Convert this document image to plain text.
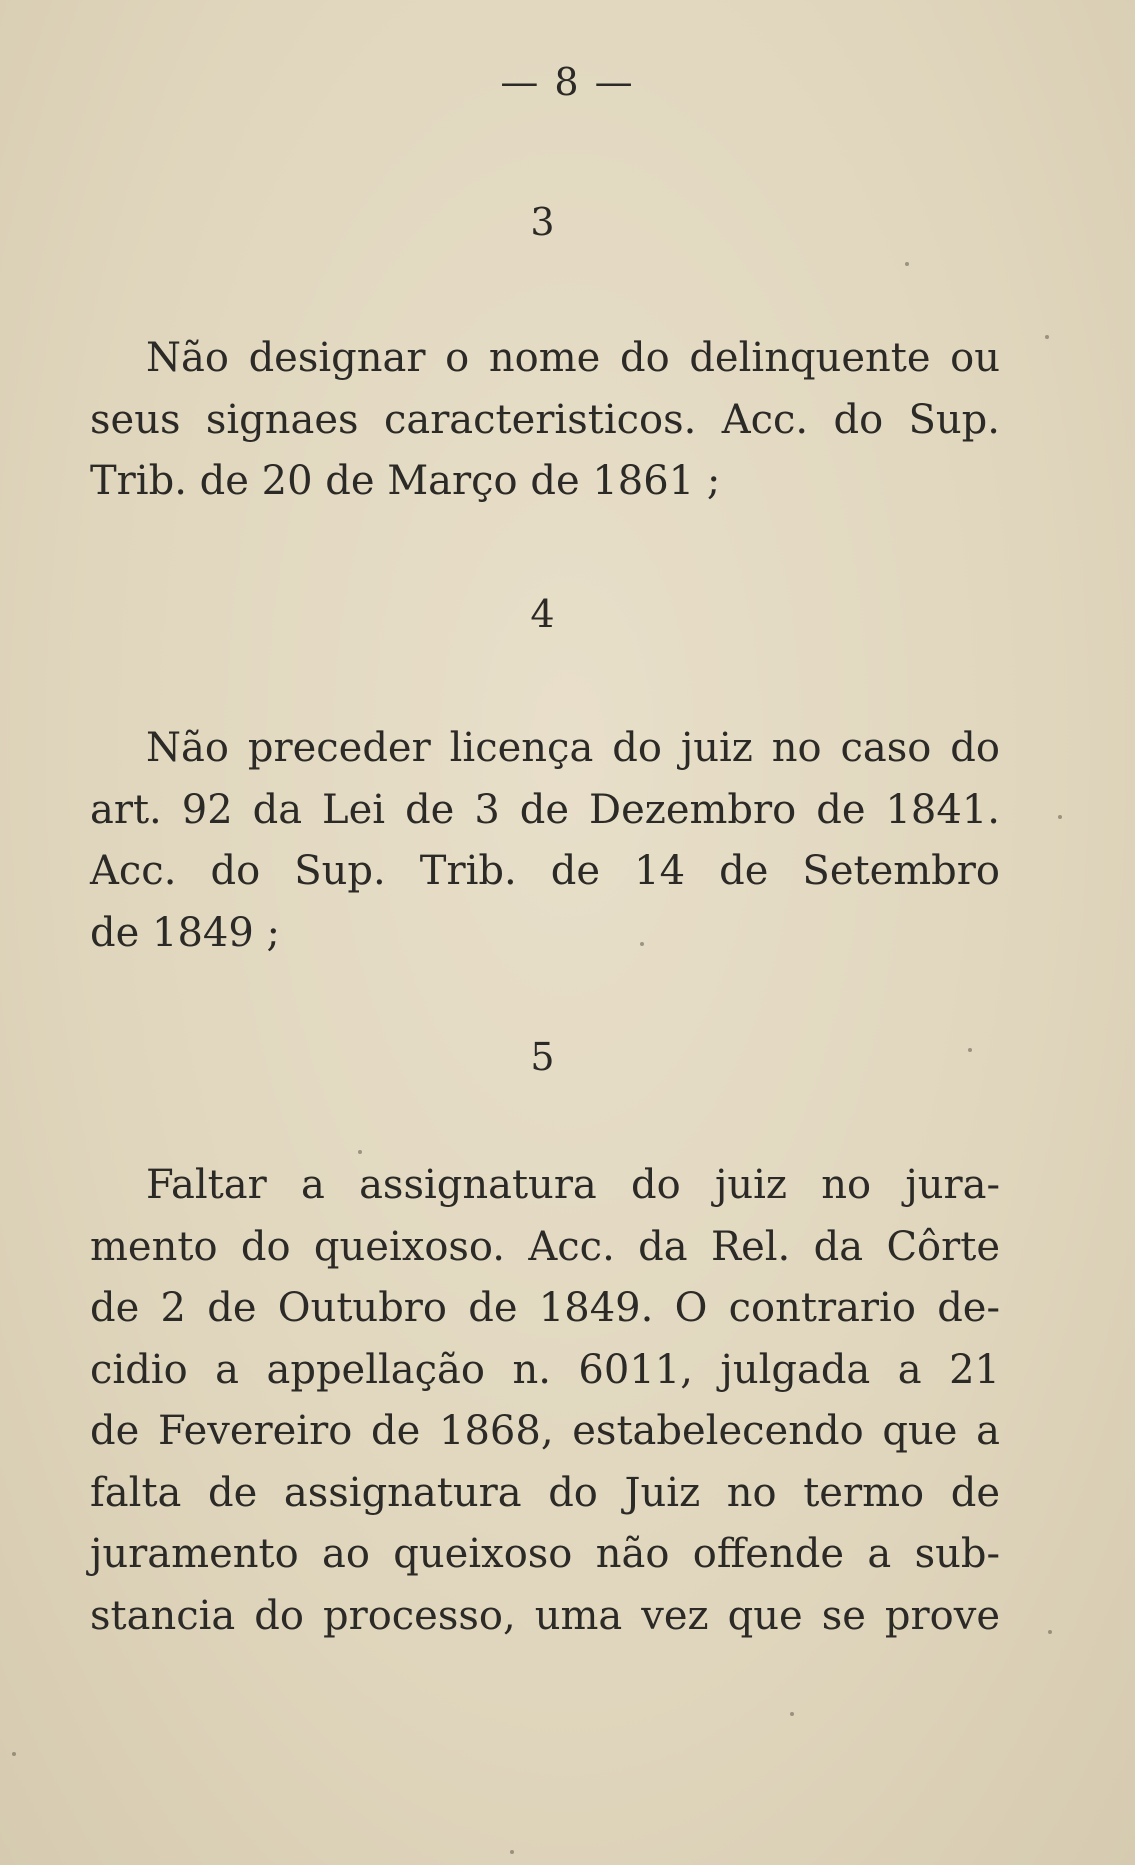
— 8 —
3
Não designar o nome do delinquente ou
seus signaes caracteristicos. Acc. do Sup.
Trib. de 20 de Março de 1861 ;
4
Não preceder licença do juiz no caso do
art. 92 da Lei de 3 de Dezembro de 1841.
Acc. do Sup. Trib. de 14 de Setembro
de 1849 ;
5
Faltar a assignatura do juiz no jura-
mento do queixoso. Acc. da Rel. da Côrte
de 2 de Outubro de 1849. O contrario de-
cidio a appellação n. 6011, julgada a 21
de Fevereiro de 1868, estabelecendo que a
falta de assignatura do Juiz no termo de
juramento ao queixoso não offende a sub-
stancia do processo, uma vez que se prove
